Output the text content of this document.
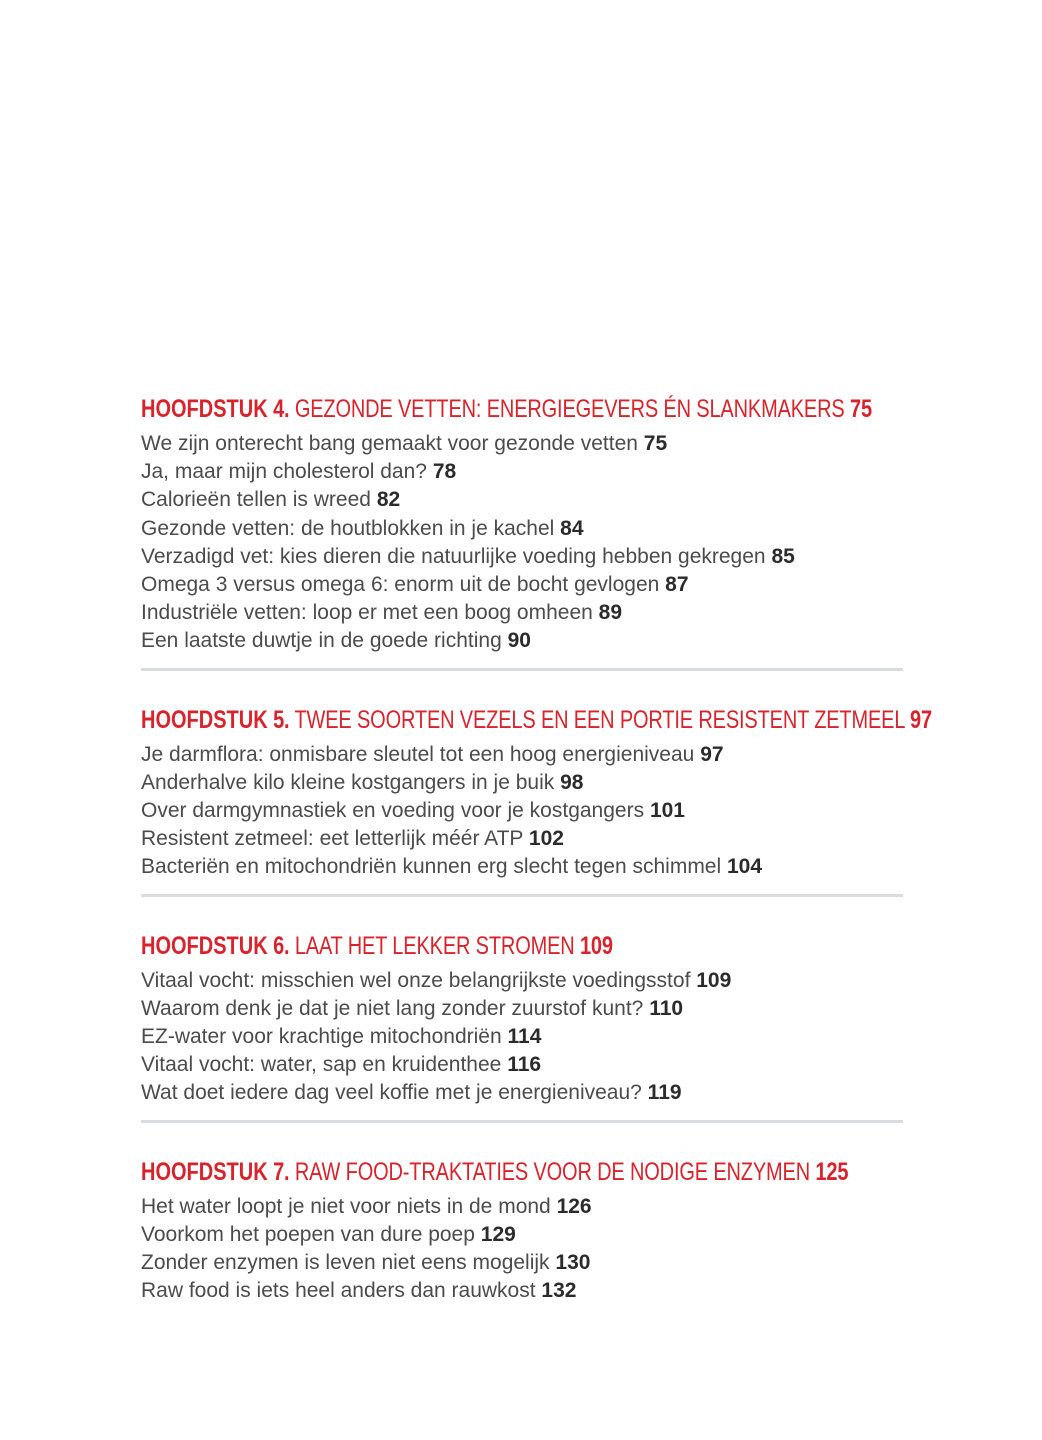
HOOFDSTUK 4. GEZONDE VETTEN: ENERGIEGEVERS ÉN SLANKMAKERS 75
We zijn onterecht bang gemaakt voor gezonde vetten 75
Ja, maar mijn cholesterol dan? 78
Calorieën tellen is wreed 82
Gezonde vetten: de houtblokken in je kachel 84
Verzadigd vet: kies dieren die natuurlijke voeding hebben gekregen 85
Omega 3 versus omega 6: enorm uit de bocht gevlogen 87
Industriële vetten: loop er met een boog omheen 89
Een laatste duwtje in de goede richting 90
HOOFDSTUK 5. TWEE SOORTEN VEZELS EN EEN PORTIE RESISTENT ZETMEEL 97
Je darmflora: onmisbare sleutel tot een hoog energieniveau 97
Anderhalve kilo kleine kostgangers in je buik 98
Over darmgymnastiek en voeding voor je kostgangers 101
Resistent zetmeel: eet letterlijk méér ATP 102
Bacteriën en mitochondriën kunnen erg slecht tegen schimmel 104
HOOFDSTUK 6. LAAT HET LEKKER STROMEN 109
Vitaal vocht: misschien wel onze belangrijkste voedingsstof 109
Waarom denk je dat je niet lang zonder zuurstof kunt? 110
EZ-water voor krachtige mitochondriën 114
Vitaal vocht: water, sap en kruidenthee 116
Wat doet iedere dag veel koffie met je energieniveau? 119
HOOFDSTUK 7. RAW FOOD-TRAKTATIES VOOR DE NODIGE ENZYMEN 125
Het water loopt je niet voor niets in de mond 126
Voorkom het poepen van dure poep 129
Zonder enzymen is leven niet eens mogelijk 130
Raw food is iets heel anders dan rauwkost 132
